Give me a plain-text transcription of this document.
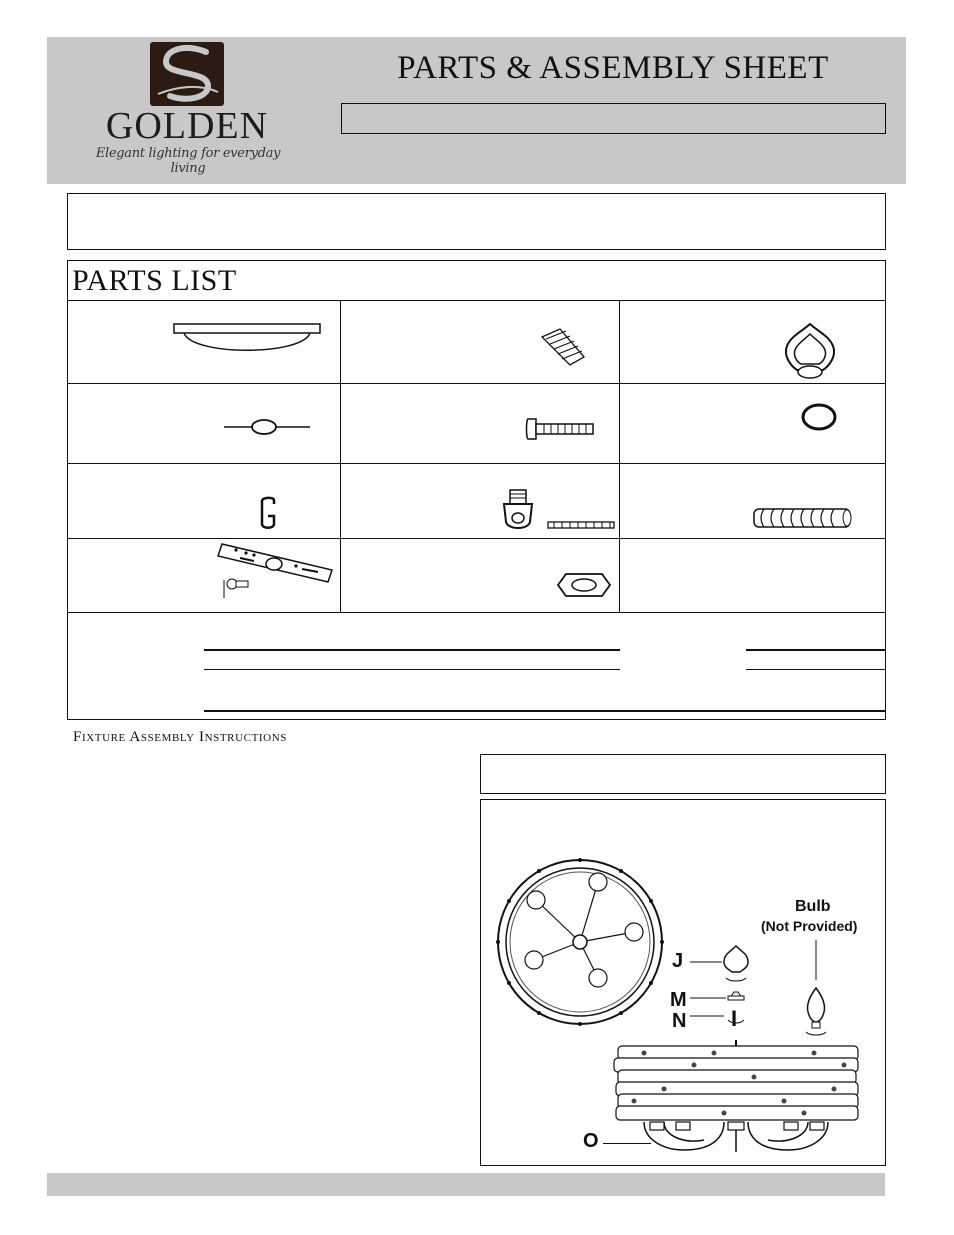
GOLDEN
Elegant lighting for everyday living
PARTS & ASSEMBLY SHEET
PARTS LIST
Fixture Assembly Instructions
Bulb
(Not Provided)
J
M
N I
O
